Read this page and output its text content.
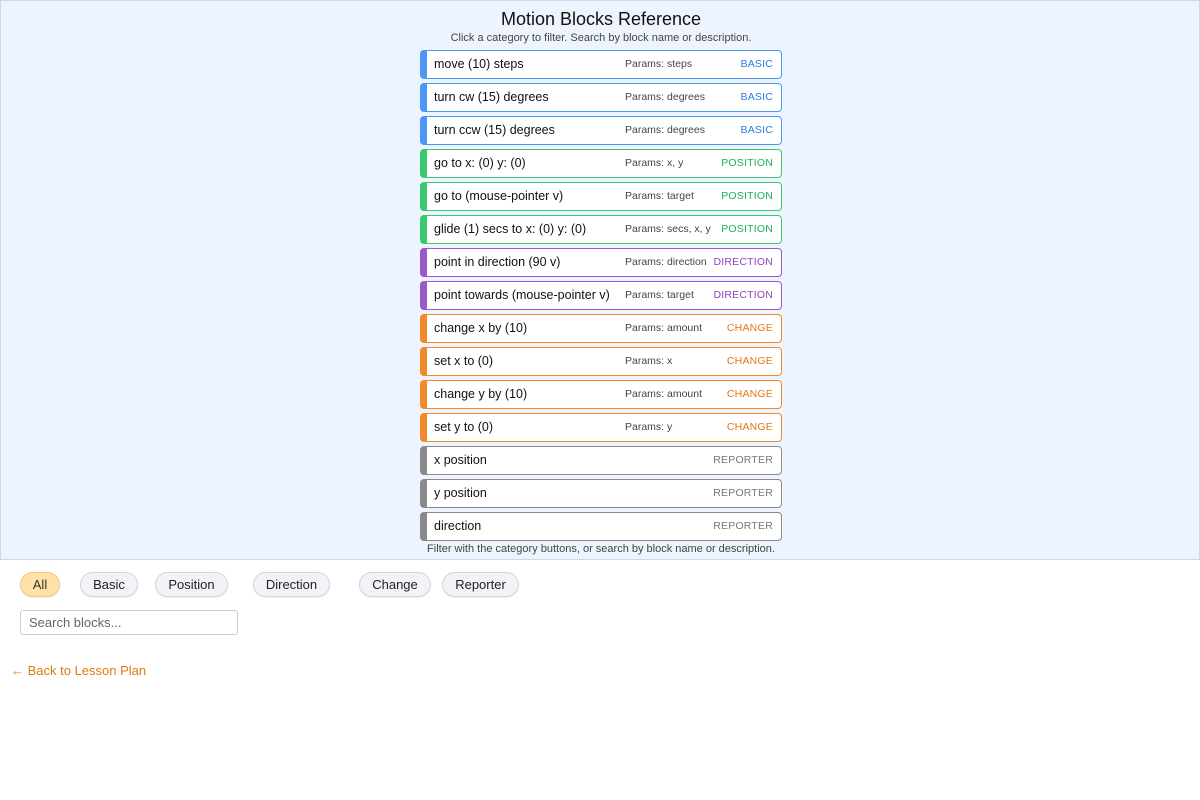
Motion Blocks Reference
Click a category to filter. Search by block name or description.
move (10) steps	Params: steps	BASIC
turn cw (15) degrees	Params: degrees	BASIC
turn ccw (15) degrees	Params: degrees	BASIC
go to x: (0) y: (0)	Params: x, y	POSITION
go to (mouse-pointer v)	Params: target	POSITION
glide (1) secs to x: (0) y: (0)	Params: secs, x, y POSITION
point in direction (90 v)	Params: direction DIRECTION
point towards (mouse-pointer v) Params: target DIRECTION
change x by (10)	Params: amount CHANGE
set x to (0)	Params: x	CHANGE
change y by (10)	Params: amount CHANGE
set y to (0)	Params: y	CHANGE
x position	REPORTER
y position	REPORTER
direction	REPORTER
Filter with the category buttons, or search by block name or description.
All	Basic	Position	Direction	Change	Reporter
Search blocks...
← Back to Lesson Plan
